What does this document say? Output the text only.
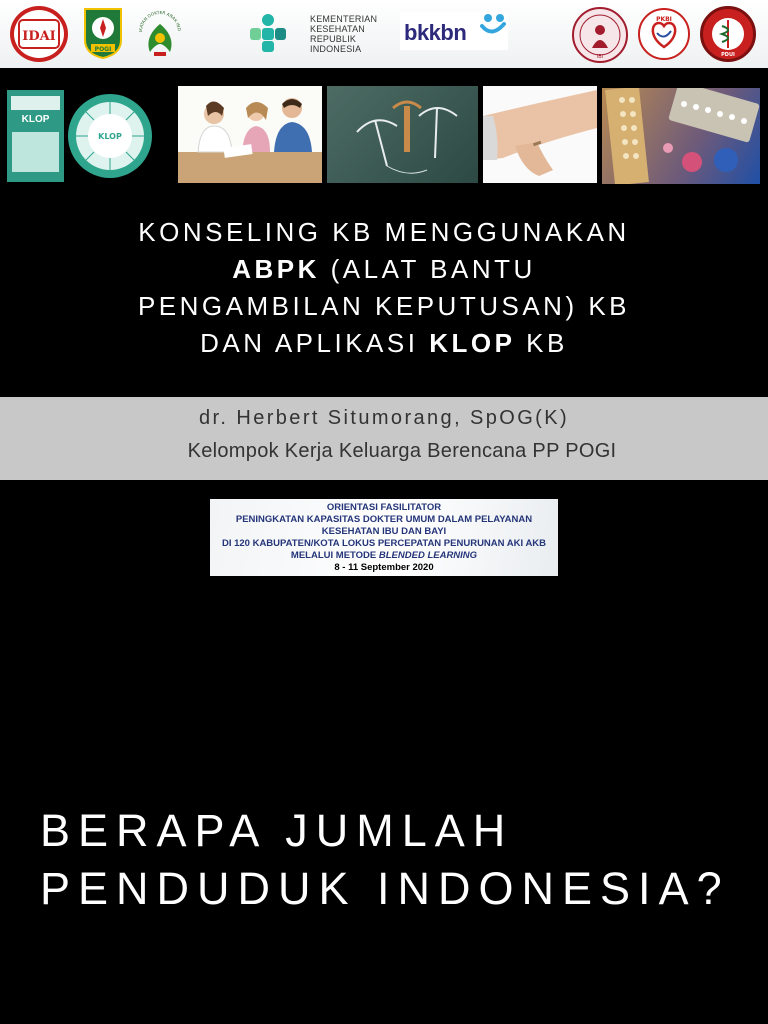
IDAI
POGI
IKATAN DOKTER ANAK IND
KEMENTERIAN
KESEHATAN
REPUBLIK
INDONESIA
bkkbn
IBI
PKBI
PDUI
KLOP
KLOP
KONSELING KB MENGGUNAKAN
ABPK (ALAT BANTU
PENGAMBILAN KEPUTUSAN) KB
DAN APLIKASI KLOP KB
dr. Herbert Situmorang, SpOG(K)
Kelompok Kerja Keluarga Berencana PP POGI
ORIENTASI FASILITATOR
PENINGKATAN KAPASITAS DOKTER UMUM DALAM PELAYANAN
KESEHATAN IBU DAN BAYI
DI 120 KABUPATEN/KOTA LOKUS PERCEPATAN PENURUNAN AKI AKB
MELALUI METODE BLENDED LEARNING
8 - 11 September 2020
BERAPA JUMLAH
PENDUDUK INDONESIA?
